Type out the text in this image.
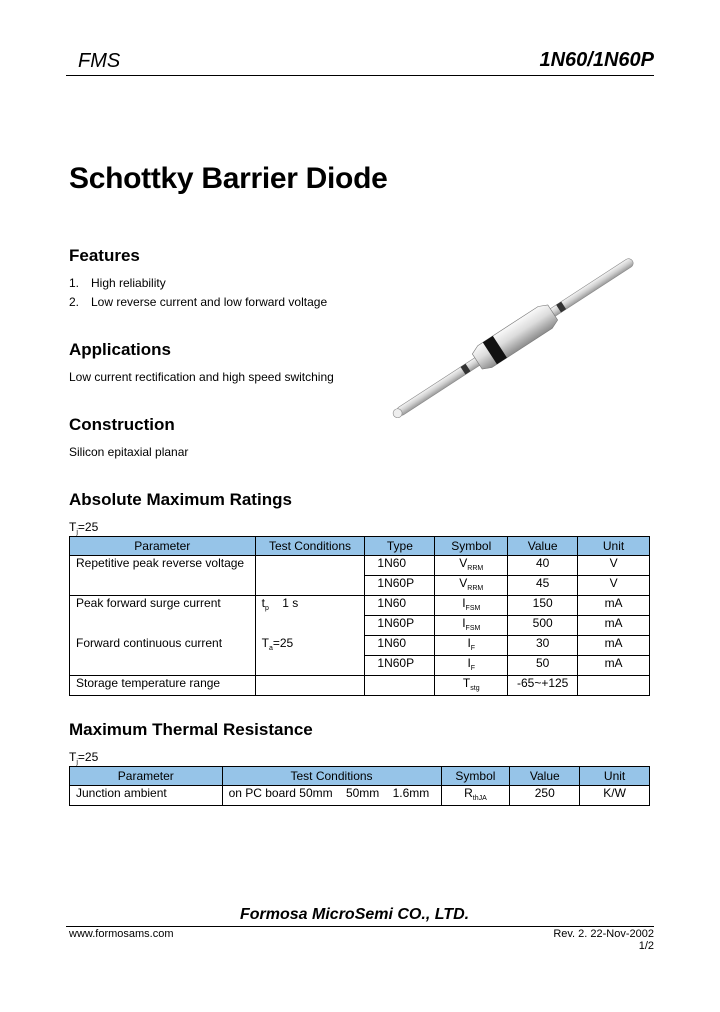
FMS	1N60/1N60P
Schottky Barrier Diode
Features
1. High reliability
2. Low reverse current and low forward voltage
Applications
Low current rectification and high speed switching
Construction
Silicon epitaxial planar
Absolute Maximum Ratings
$T_j=25$
Parameter	Test Conditions	Type	Symbol	Value	Unit
Repetitive peak reverse voltage		1N60	$V_{RRM}$	40	V
		1N60P	$V_{RRM}$	45	V
Peak forward surge current	$t_p$ 1 s	1N60	$I_{FSM}$	150	mA
		1N60P	$I_{FSM}$	500	mA
Forward continuous current	$T_a=25$	1N60	$I_F$	30	mA
		1N60P	$I_F$	50	mA
Storage temperature range			$T_{stg}$	-65~+125	
Maximum Thermal Resistance
$T_j=25$
Parameter	Test Conditions	Symbol	Value	Unit
Junction ambient	on PC board 50mm    50mm    1.6mm	$R_{thJA}$	250	K/W
Formosa MicroSemi CO., LTD.
www.formosams.com	Rev. 2. 22-Nov-2002
1/2
